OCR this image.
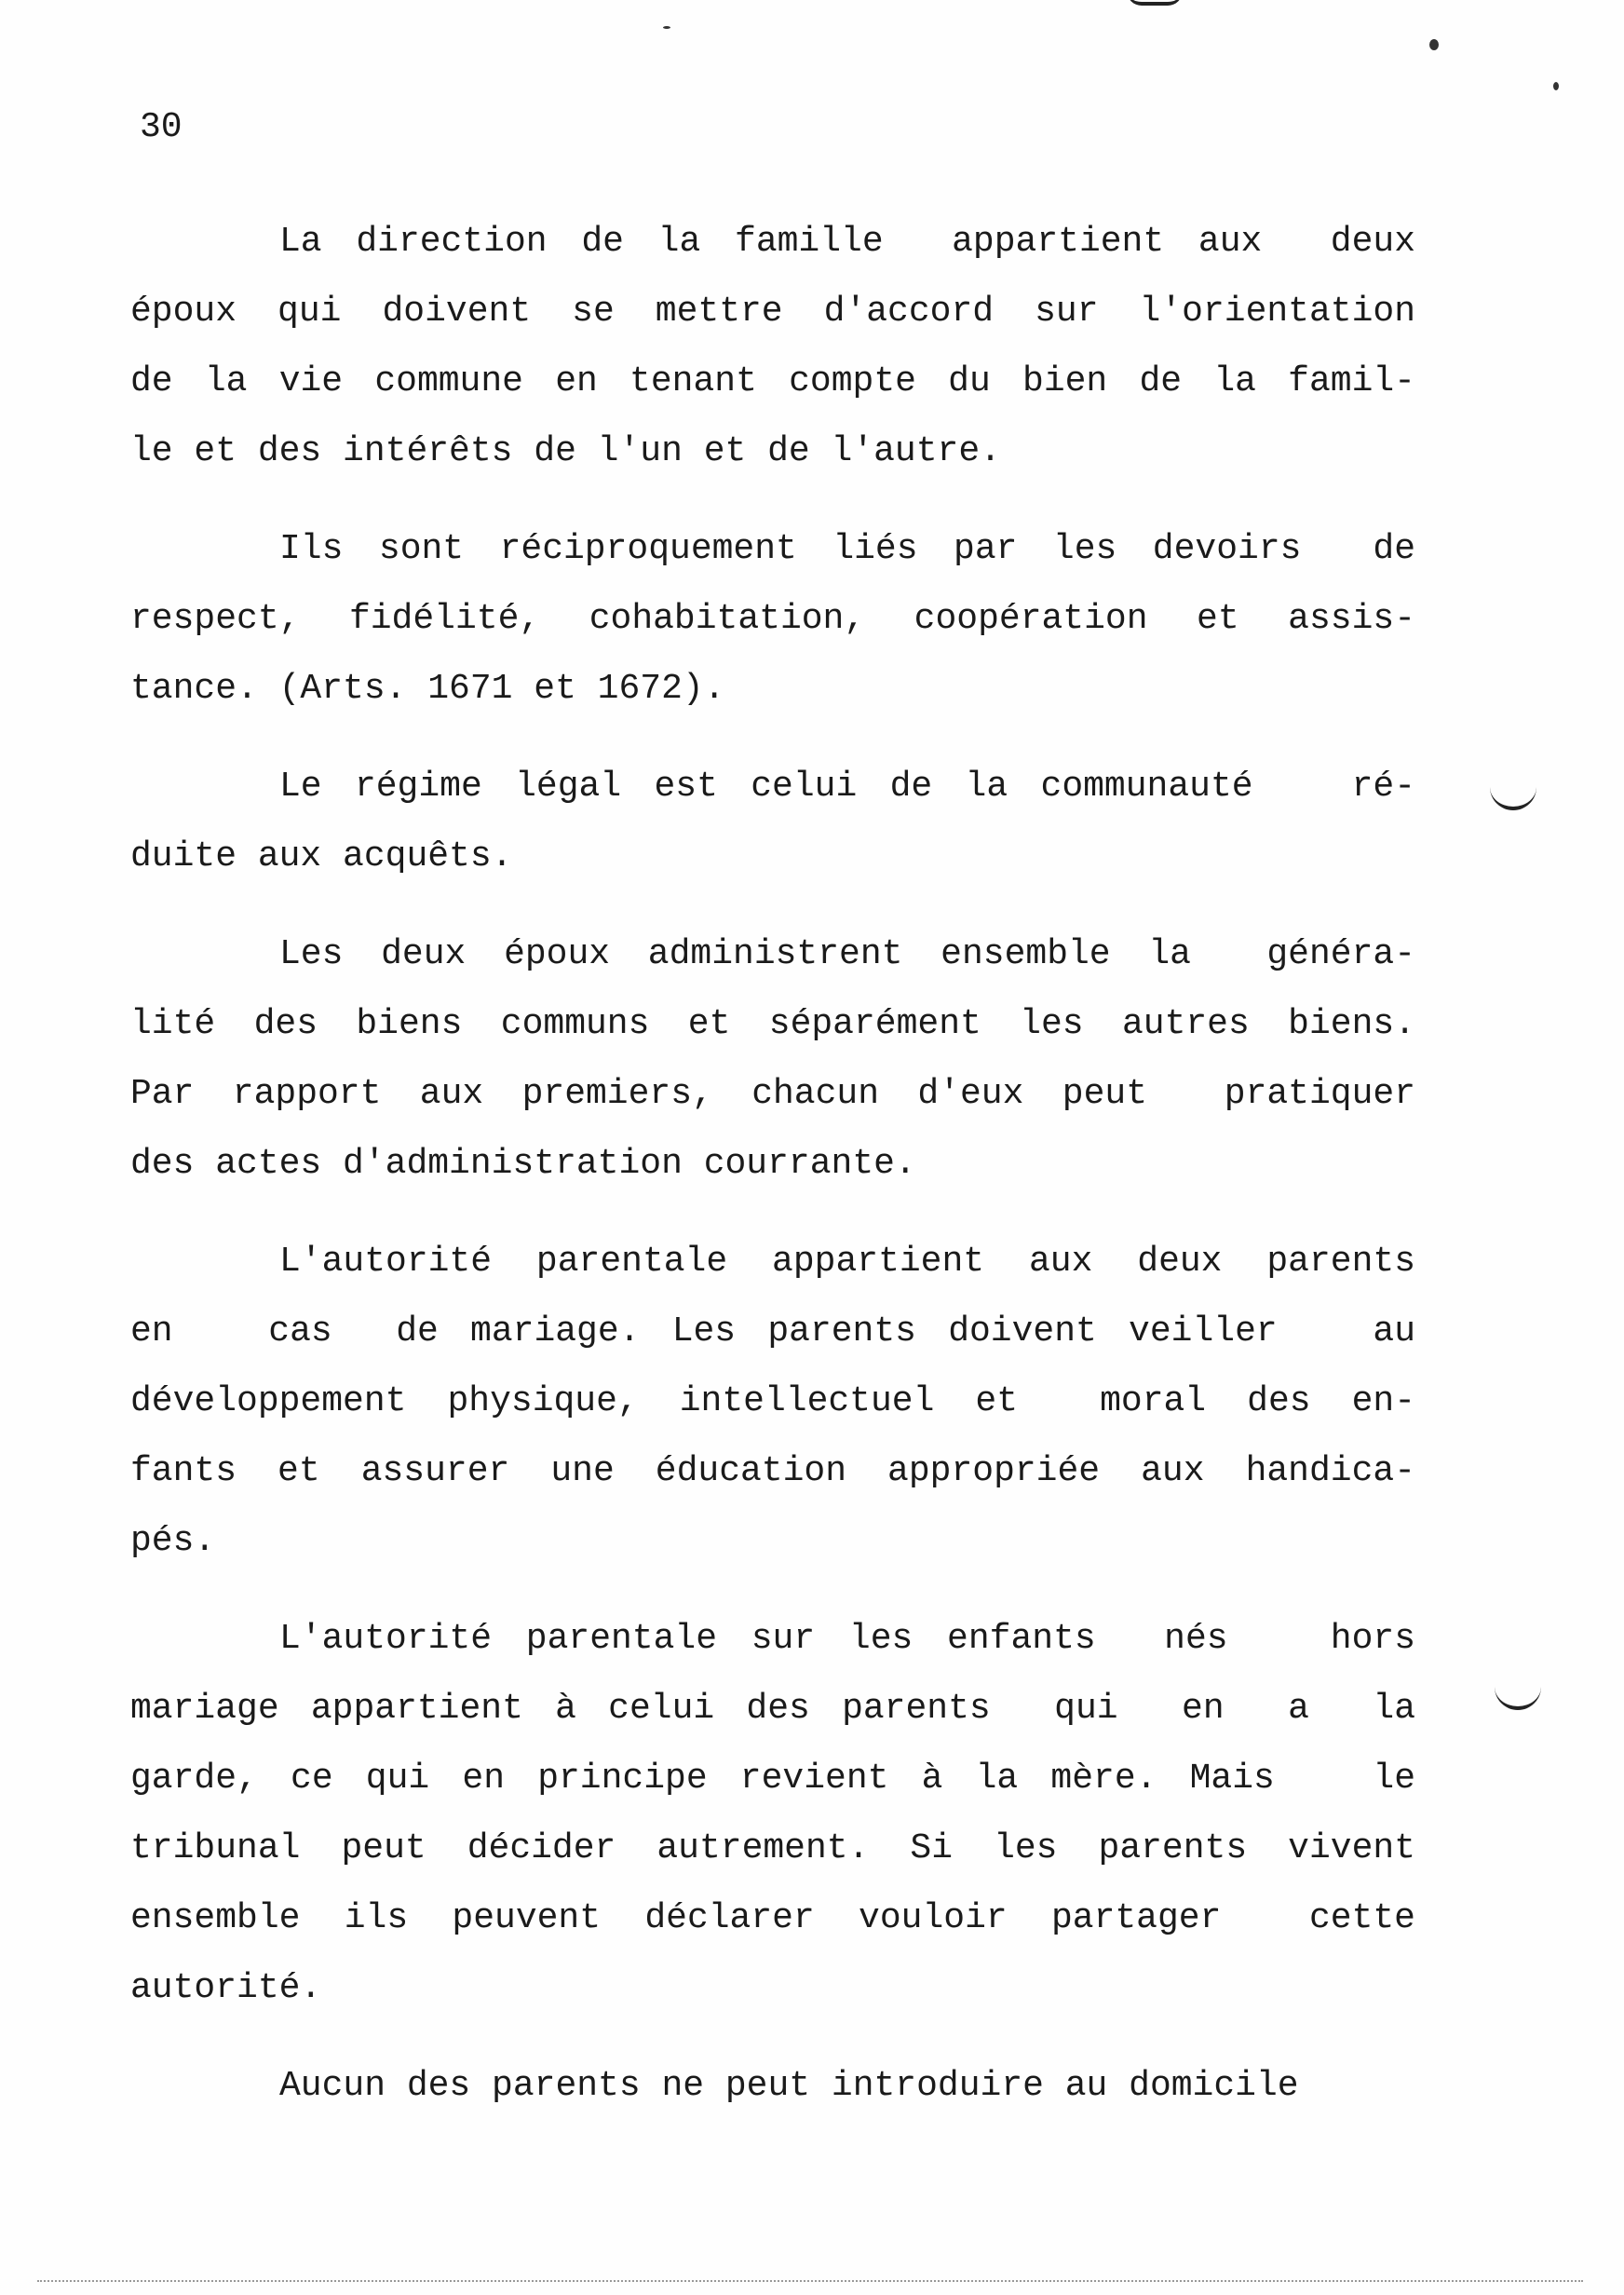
30
La direction de la famille  appartient aux  deux
époux qui doivent se mettre d'accord sur l'orientation
de la vie commune en tenant compte du bien de la famil-
le et des intérêts de l'un et de l'autre.
Ils sont réciproquement liés par les devoirs  de
respect, fidélité, cohabitation, coopération et assis-
tance. (Arts. 1671 et 1672).
Le régime légal est celui de la communauté   ré-
duite aux acquêts.
Les deux époux administrent ensemble la  généra-
lité des biens communs et séparément les autres biens.
Par rapport aux premiers, chacun d'eux peut  pratiquer
des actes d'administration courrante.
L'autorité parentale appartient aux deux parents
en   cas  de mariage. Les parents doivent veiller   au
développement physique, intellectuel et  moral des en-
fants et assurer une éducation appropriée aux handica-
pés.
L'autorité parentale sur les enfants  nés   hors
mariage appartient à celui des parents  qui  en  a  la
garde, ce qui en principe revient à la mère. Mais   le
tribunal peut décider autrement. Si les parents vivent
ensemble ils peuvent déclarer vouloir partager  cette
autorité.
Aucun des parents ne peut introduire au domicile
